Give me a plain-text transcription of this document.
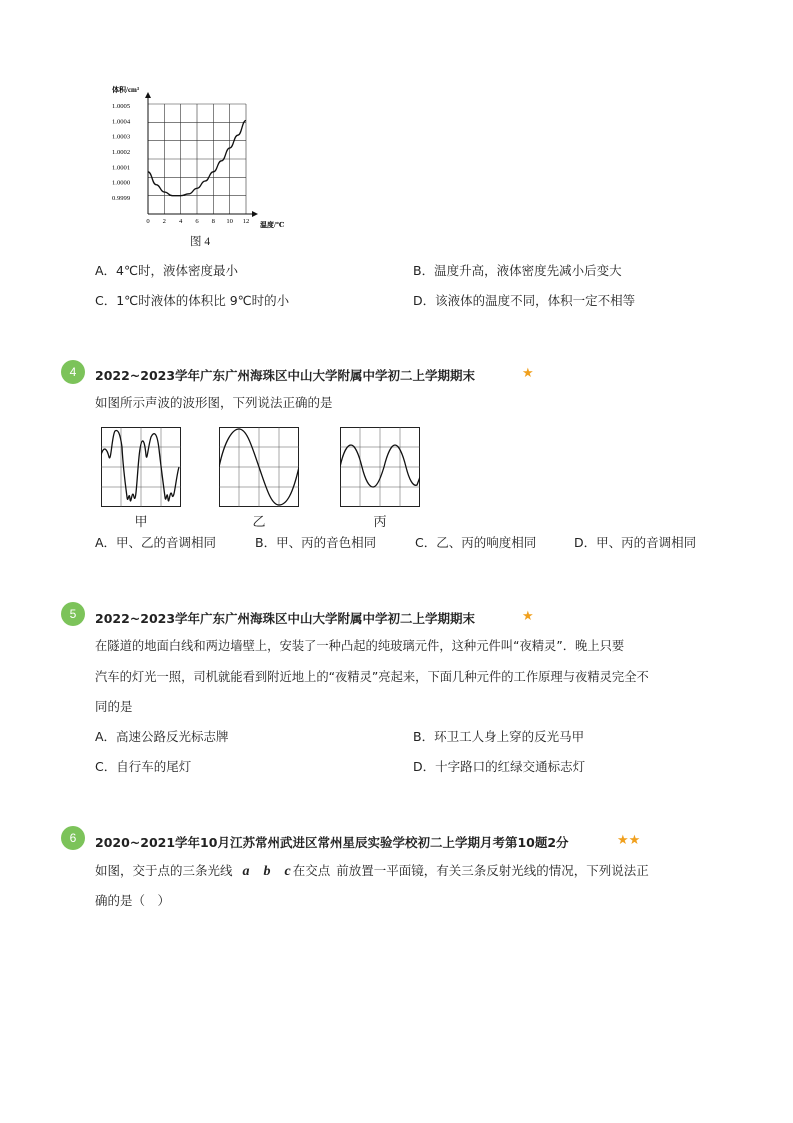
体积/cm³
温度/℃
1.0005
1.0004
1.0003
1.0002
1.0001
1.0000
0.9999
0 2 4 6 8 10 12
图 4
A．4℃时，液体密度最小	B．温度升高，液体密度先减小后变大
C．1℃时液体的体积比 9℃时的小	D．该液体的温度不同，体积一定不相等
4	2022~2023学年广东广州海珠区中山大学附属中学初二上学期期末	★
如图所示声波的波形图，下列说法正确的是
甲	乙	丙
A．甲、乙的音调相同	B．甲、丙的音色相同	C．乙、丙的响度相同	D．甲、丙的音调相同
5	2022~2023学年广东广州海珠区中山大学附属中学初二上学期期末	★
在隧道的地面白线和两边墙壁上，安装了一种凸起的纯玻璃元件，这种元件叫“夜精灵”．晚上只要
汽车的灯光一照，司机就能看到附近地上的“夜精灵”亮起来，下面几种元件的工作原理与夜精灵完全不
同的是
A．高速公路反光标志牌	B．环卫工人身上穿的反光马甲
C．自行车的尾灯	D．十字路口的红绿交通标志灯
6	2020~2021学年10月江苏常州武进区常州星辰实验学校初二上学期月考第10题2分	★★
如图，交于点的三条光线 a b c 在交点 前放置一平面镜，有关三条反射光线的情况，下列说法正
确的是（　）
